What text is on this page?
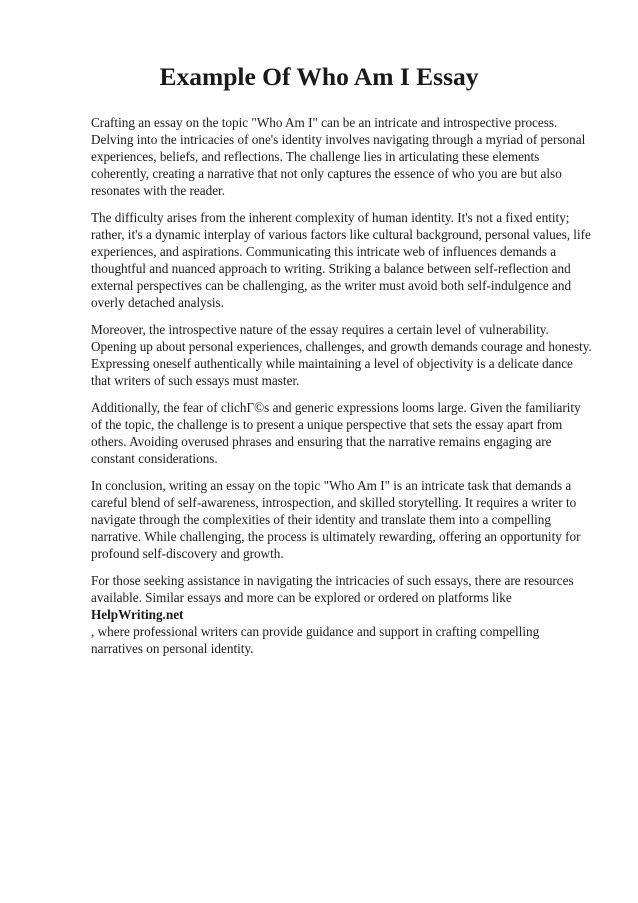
Example Of Who Am I Essay

Crafting an essay on the topic "Who Am I" can be an intricate and introspective process. Delving into the intricacies of one's identity involves navigating through a myriad of personal experiences, beliefs, and reflections. The challenge lies in articulating these elements coherently, creating a narrative that not only captures the essence of who you are but also resonates with the reader.

The difficulty arises from the inherent complexity of human identity. It's not a fixed entity; rather, it's a dynamic interplay of various factors like cultural background, personal values, life experiences, and aspirations. Communicating this intricate web of influences demands a thoughtful and nuanced approach to writing. Striking a balance between self-reflection and external perspectives can be challenging, as the writer must avoid both self-indulgence and overly detached analysis.

Moreover, the introspective nature of the essay requires a certain level of vulnerability. Opening up about personal experiences, challenges, and growth demands courage and honesty. Expressing oneself authentically while maintaining a level of objectivity is a delicate dance that writers of such essays must master.

Additionally, the fear of clichГ©s and generic expressions looms large. Given the familiarity of the topic, the challenge is to present a unique perspective that sets the essay apart from others. Avoiding overused phrases and ensuring that the narrative remains engaging are constant considerations.

In conclusion, writing an essay on the topic "Who Am I" is an intricate task that demands a careful blend of self-awareness, introspection, and skilled storytelling. It requires a writer to navigate through the complexities of their identity and translate them into a compelling narrative. While challenging, the process is ultimately rewarding, offering an opportunity for profound self-discovery and growth.

For those seeking assistance in navigating the intricacies of such essays, there are resources available. Similar essays and more can be explored or ordered on platforms like HelpWriting.net
, where professional writers can provide guidance and support in crafting compelling narratives on personal identity.
